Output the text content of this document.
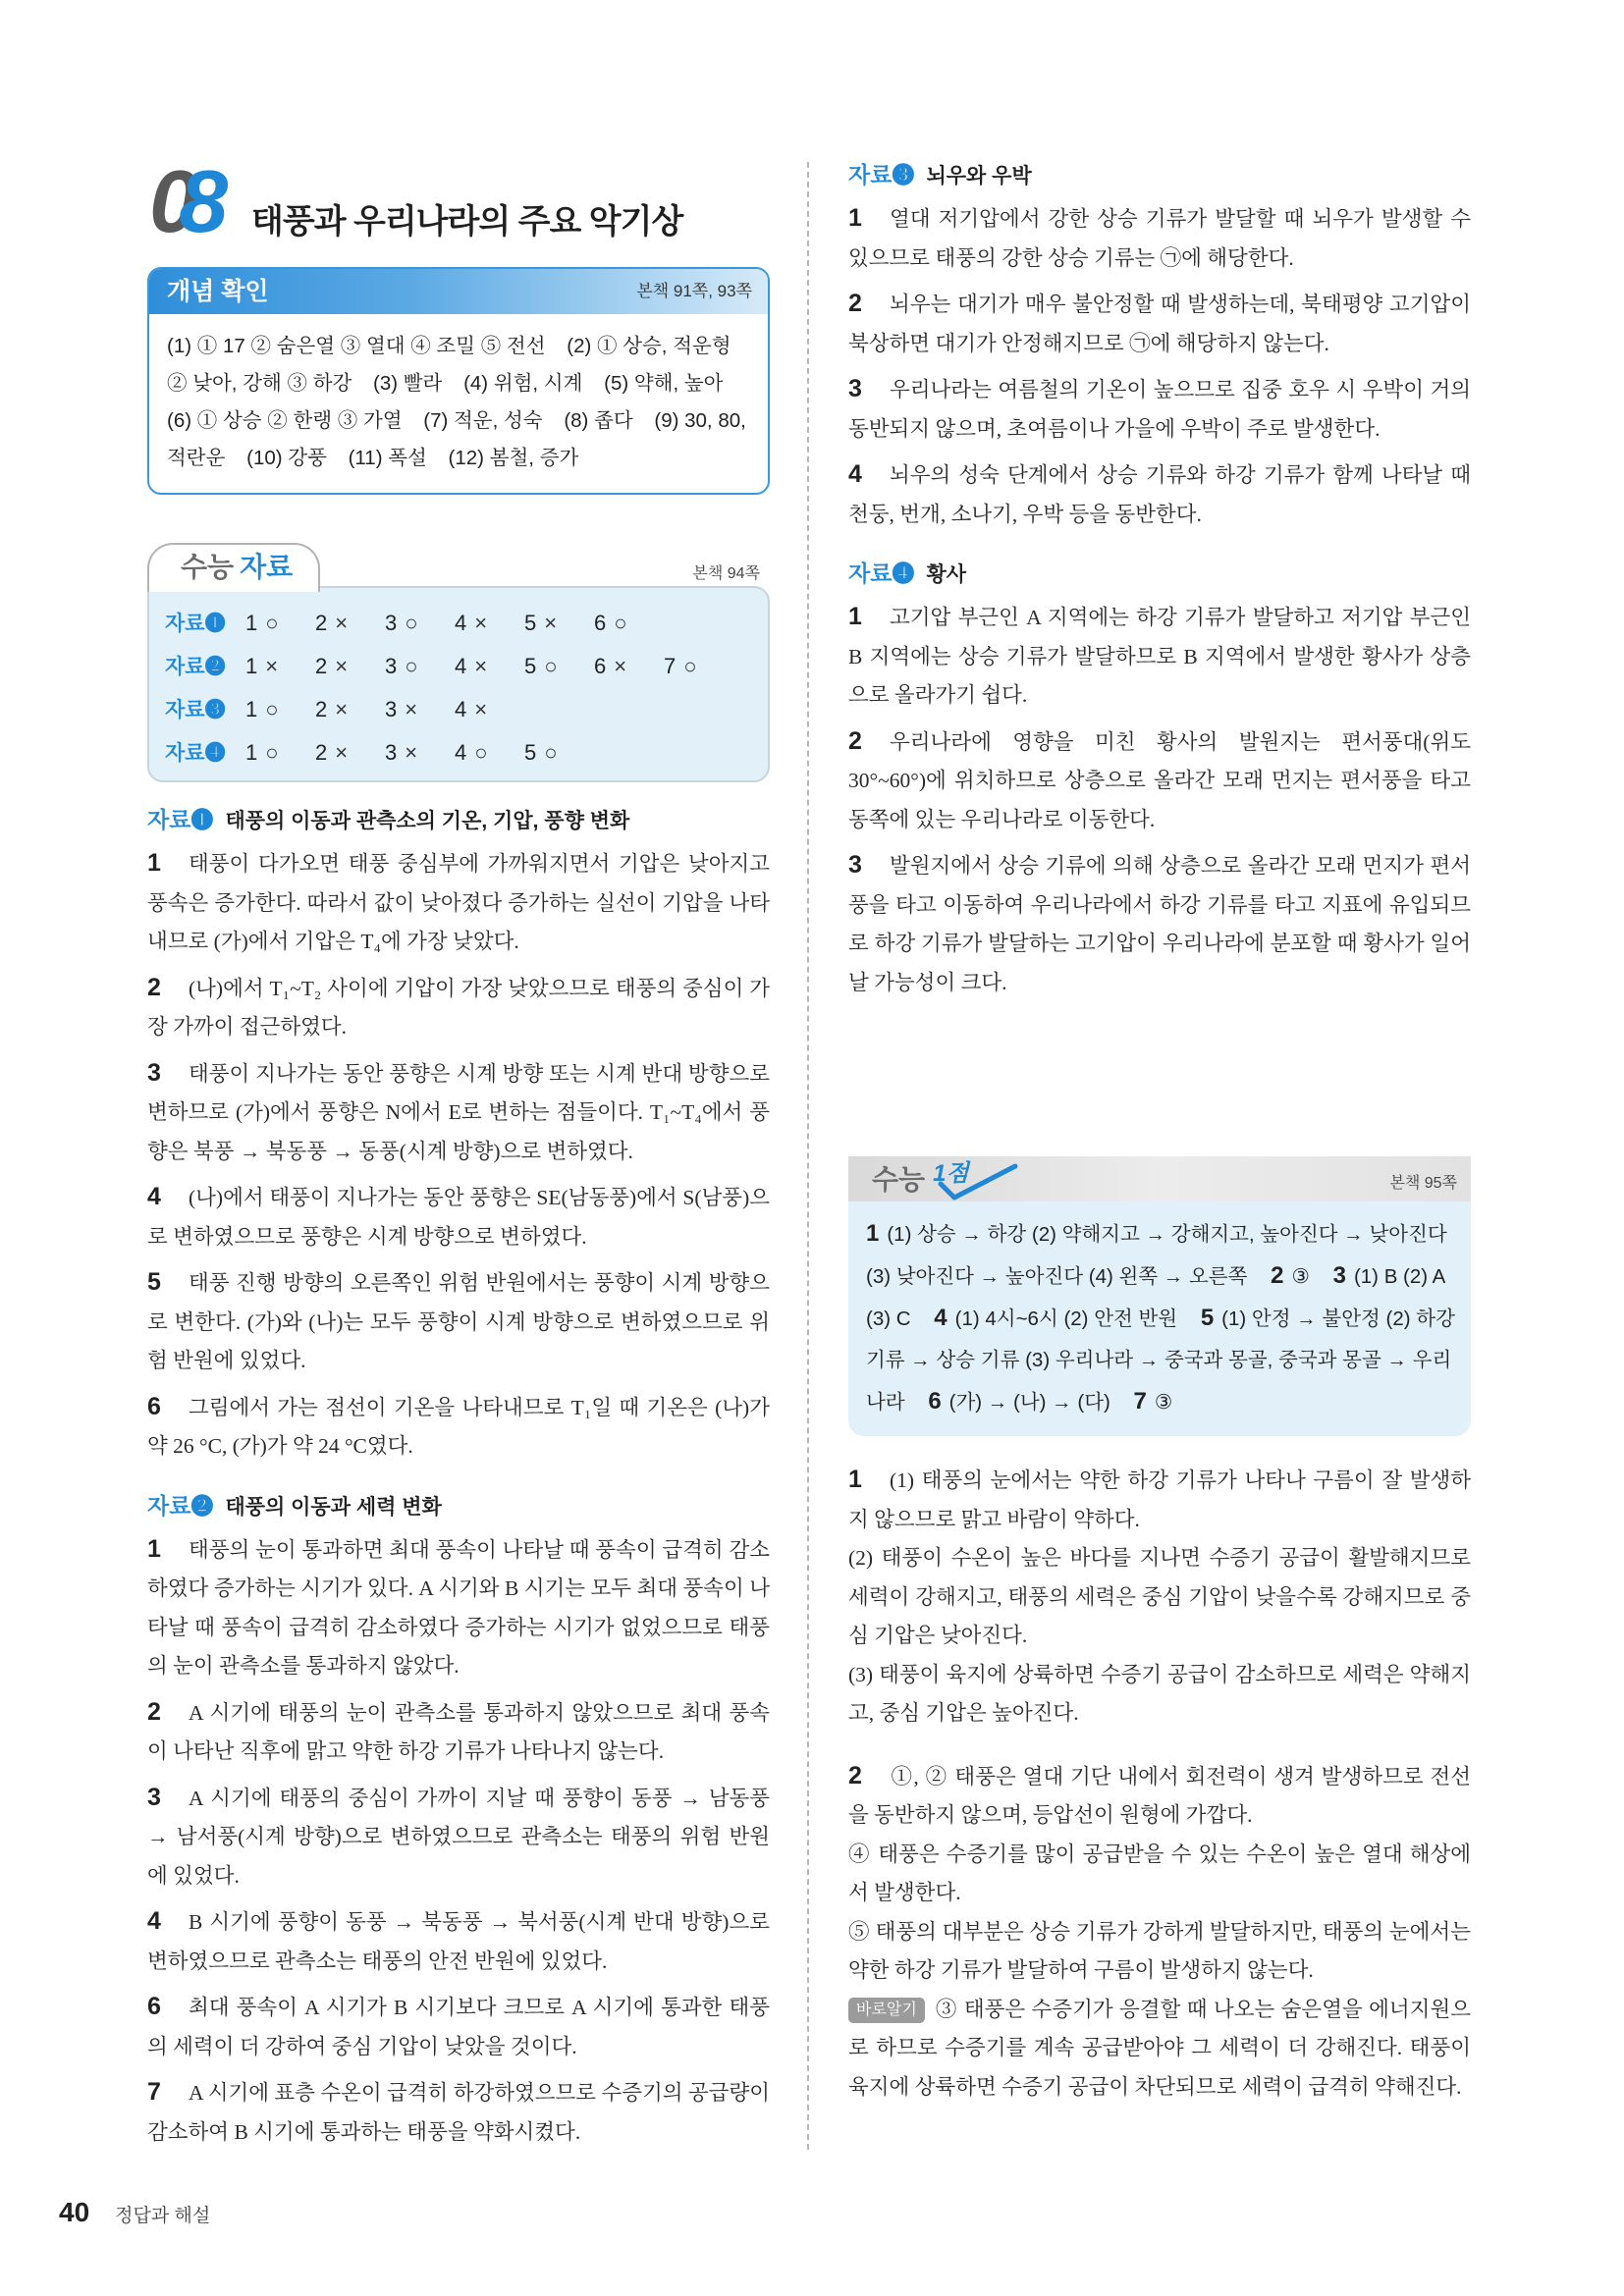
08 태풍과 우리나라의 주요 악기상
개념 확인	본책 91쪽, 93쪽
(1) ① 17 ② 숨은열 ③ 열대 ④ 조밀 ⑤ 전선 (2) ① 상승, 적운형 ② 낮아, 강해 ③ 하강 (3) 빨라 (4) 위험, 시계 (5) 약해, 높아 (6) ① 상승 ② 한랭 ③ 가열 (7) 적운, 성숙 (8) 좁다 (9) 30, 80, 적란운 (10) 강풍 (11) 폭설 (12) 봄철, 증가
수능 자료	본책 94쪽
자료❶ 1 ○ 2 × 3 ○ 4 × 5 × 6 ○
자료❷ 1 × 2 × 3 ○ 4 × 5 ○ 6 × 7 ○
자료❸ 1 ○ 2 × 3 × 4 ×
자료❹ 1 ○ 2 × 3 × 4 ○ 5 ○
자료❶ 태풍의 이동과 관측소의 기온, 기압, 풍향 변화

1 태풍이 다가오면 태풍 중심부에 가까워지면서 기압은 낮아지고 풍속은 증가한다. 따라서 값이 낮아졌다 증가하는 실선이 기압을 나타내므로 (가)에서 기압은 T₄에 가장 낮았다.

2 (나)에서 T₁~T₂ 사이에 기압이 가장 낮았으므로 태풍의 중심이 가장 가까이 접근하였다.

3 태풍이 지나가는 동안 풍향은 시계 방향 또는 시계 반대 방향으로 변하므로 (가)에서 풍향은 N에서 E로 변하는 점들이다. T₁~T₄에서 풍향은 북풍 → 북동풍 → 동풍(시계 방향)으로 변하였다.

4 (나)에서 태풍이 지나가는 동안 풍향은 SE(남동풍)에서 S(남풍)으로 변하였으므로 풍향은 시계 방향으로 변하였다.

5 태풍 진행 방향의 오른쪽인 위험 반원에서는 풍향이 시계 방향으로 변한다. (가)와 (나)는 모두 풍향이 시계 방향으로 변하였으므로 위험 반원에 있었다.

6 그림에서 가는 점선이 기온을 나타내므로 T₁일 때 기온은 (나)가 약 26 °C, (가)가 약 24 °C였다.

자료❷ 태풍의 이동과 세력 변화

1 태풍의 눈이 통과하면 최대 풍속이 나타날 때 풍속이 급격히 감소하였다 증가하는 시기가 있다. A 시기와 B 시기는 모두 최대 풍속이 나타날 때 풍속이 급격히 감소하였다 증가하는 시기가 없었으므로 태풍의 눈이 관측소를 통과하지 않았다.

2 A 시기에 태풍의 눈이 관측소를 통과하지 않았으므로 최대 풍속이 나타난 직후에 맑고 약한 하강 기류가 나타나지 않는다.

3 A 시기에 태풍의 중심이 가까이 지날 때 풍향이 동풍 → 남동풍 → 남서풍(시계 방향)으로 변하였으므로 관측소는 태풍의 위험 반원에 있었다.

4 B 시기에 풍향이 동풍 → 북동풍 → 북서풍(시계 반대 방향)으로 변하였으므로 관측소는 태풍의 안전 반원에 있었다.

6 최대 풍속이 A 시기가 B 시기보다 크므로 A 시기에 통과한 태풍의 세력이 더 강하여 중심 기압이 낮았을 것이다.

7 A 시기에 표층 수온이 급격히 하강하였으므로 수증기의 공급량이 감소하여 B 시기에 통과하는 태풍을 약화시켰다.

자료❸ 뇌우와 우박

1 열대 저기압에서 강한 상승 기류가 발달할 때 뇌우가 발생할 수 있으므로 태풍의 강한 상승 기류는 ㉠에 해당한다.

2 뇌우는 대기가 매우 불안정할 때 발생하는데, 북태평양 고기압이 북상하면 대기가 안정해지므로 ㉠에 해당하지 않는다.

3 우리나라는 여름철의 기온이 높으므로 집중 호우 시 우박이 거의 동반되지 않으며, 초여름이나 가을에 우박이 주로 발생한다.

4 뇌우의 성숙 단계에서 상승 기류와 하강 기류가 함께 나타날 때 천둥, 번개, 소나기, 우박 등을 동반한다.

자료❹ 황사

1 고기압 부근인 A 지역에는 하강 기류가 발달하고 저기압 부근인 B 지역에는 상승 기류가 발달하므로 B 지역에서 발생한 황사가 상층으로 올라가기 쉽다.

2 우리나라에 영향을 미친 황사의 발원지는 편서풍대(위도 30°~60°)에 위치하므로 상층으로 올라간 모래 먼지는 편서풍을 타고 동쪽에 있는 우리나라로 이동한다.

3 발원지에서 상승 기류에 의해 상층으로 올라간 모래 먼지가 편서풍을 타고 이동하여 우리나라에서 하강 기류를 타고 지표에 유입되므로 하강 기류가 발달하는 고기압이 우리나라에 분포할 때 황사가 일어날 가능성이 크다.

수능 1점	본책 95쪽
1 (1) 상승 → 하강 (2) 약해지고 → 강해지고, 높아진다 → 낮아진다 (3) 낮아진다 → 높아진다 (4) 왼쪽 → 오른쪽 2 ③ 3 (1) B (2) A (3) C 4 (1) 4시~6시 (2) 안전 반원 5 (1) 안정 → 불안정 (2) 하강 기류 → 상승 기류 (3) 우리나라 → 중국과 몽골, 중국과 몽골 → 우리나라 6 (가) → (나) → (다) 7 ③

1 (1) 태풍의 눈에서는 약한 하강 기류가 나타나 구름이 잘 발생하지 않으므로 맑고 바람이 약하다.

(2) 태풍이 수온이 높은 바다를 지나면 수증기 공급이 활발해지므로 세력이 강해지고, 태풍의 세력은 중심 기압이 낮을수록 강해지므로 중심 기압은 낮아진다.

(3) 태풍이 육지에 상륙하면 수증기 공급이 감소하므로 세력은 약해지고, 중심 기압은 높아진다.

2 ①, ② 태풍은 열대 기단 내에서 회전력이 생겨 발생하므로 전선을 동반하지 않으며, 등압선이 원형에 가깝다.

④ 태풍은 수증기를 많이 공급받을 수 있는 수온이 높은 열대 해상에서 발생한다.

⑤ 태풍의 대부분은 상승 기류가 강하게 발달하지만, 태풍의 눈에서는 약한 하강 기류가 발달하여 구름이 발생하지 않는다.

바로알기 ③ 태풍은 수증기가 응결할 때 나오는 숨은열을 에너지원으로 하므로 수증기를 계속 공급받아야 그 세력이 더 강해진다. 태풍이 육지에 상륙하면 수증기 공급이 차단되므로 세력이 급격히 약해진다.

40 정답과 해설
